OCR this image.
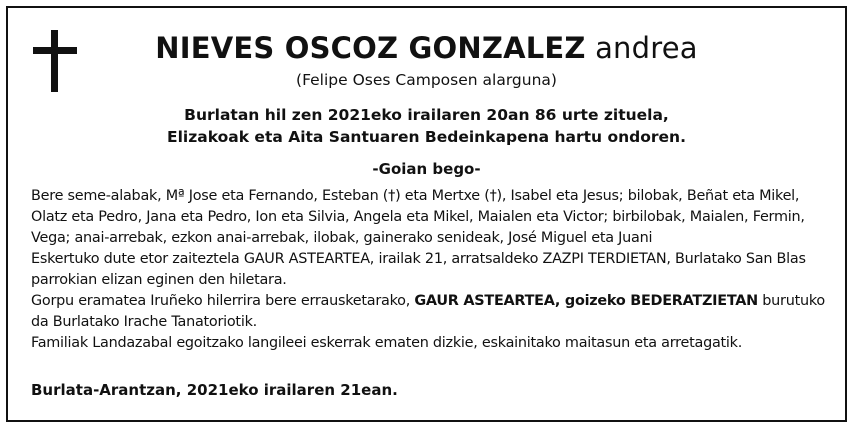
NIEVES OSCOZ GONZALEZ andrea
(Felipe Oses Camposen alarguna)
Burlatan hil zen 2021eko irailaren 20an 86 urte zituela,
Elizakoak eta Aita Santuaren Bedeinkapena hartu ondoren.
-Goian bego-

Bere seme-alabak, Mª Jose eta Fernando, Esteban (†) eta Mertxe (†), Isabel eta Jesus; bilobak, Beñat eta Mikel, Olatz eta Pedro, Jana eta Pedro, Ion eta Silvia, Angela eta Mikel, Maialen eta Victor; birbilobak, Maialen, Fermin, Vega; anai-arrebak, ezkon anai-arrebak, ilobak, gainerako senideak, José Miguel eta Juani

Eskertuko dute etor zaiteztela GAUR ASTEARTEA, irailak 21, arratsaldeko ZAZPI TERDIETAN, Burlatako San Blas parrokian elizan eginen den hiletara.

Gorpu eramatea Iruñeko hilerrira bere errausketarako, GAUR ASTEARTEA, goizeko BEDERATZIETAN burutuko da Burlatako Irache Tanatoriotik.

Familiak Landazabal egoitzako langileei eskerrak ematen dizkie, eskainitako maitasun eta arretagatik.

Burlata-Arantzan, 2021eko irailaren 21ean.
